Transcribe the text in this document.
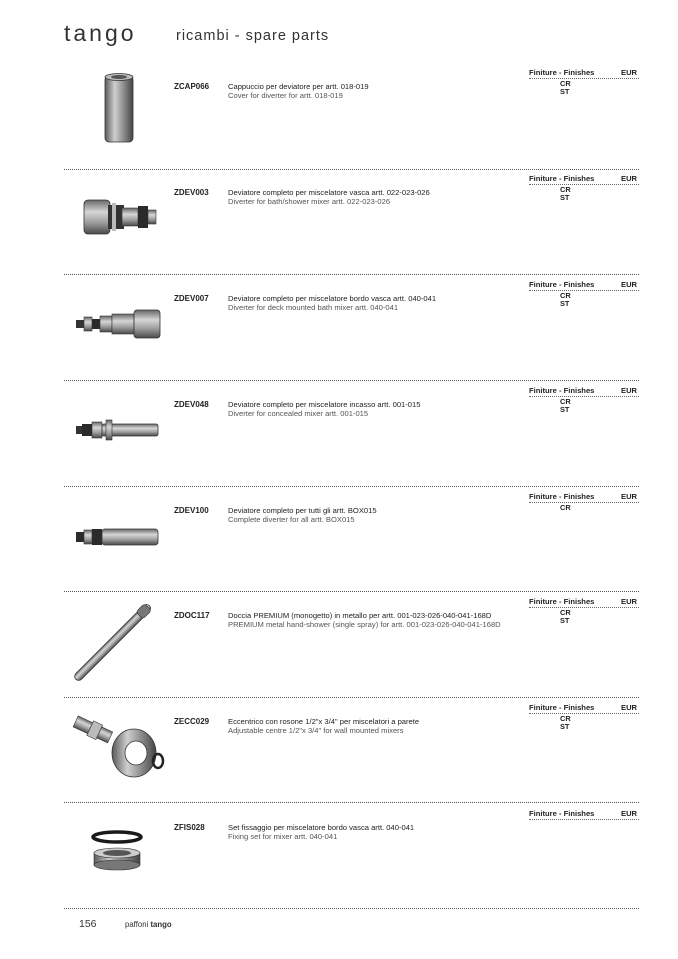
tango	ricambi - spare parts
ZCAP066 Cappuccio per deviatore per artt. 018-019
Cover for diverter for artt. 018-019
Finiture - Finishes	EUR
CR
ST
ZDEV003	Deviatore completo per miscelatore vasca artt. 022-023-026
Diverter for bath/shower mixer artt. 022-023-026
Finiture - Finishes	EUR
CR
ST
ZDEV007	Deviatore completo per miscelatore bordo vasca artt. 040-041
Diverter for deck mounted bath mixer artt. 040-041
Finiture - Finishes	EUR
CR
ST
ZDEV048	Deviatore completo per miscelatore incasso artt. 001-015
Diverter for concealed mixer artt. 001-015
Finiture - Finishes	EUR
CR
ST
ZDEV100	Deviatore completo per tutti gli artt. BOX015
Complete diverter for all artt. BOX015
Finiture - Finishes	EUR
CR
ZDOC117 Doccia PREMIUM (monogetto) in metallo per artt. 001-023-026-040-041-168D
PREMIUM metal hand-shower (single spray) for artt. 001-023-026-040-041-168D
Finiture - Finishes	EUR
CR
ST
ZECC029 Eccentrico con rosone 1/2"x 3/4" per miscelatori a parete
Adjustable centre 1/2"x 3/4" for wall mounted mixers
Finiture - Finishes	EUR
CR
ST
ZFIS028	Set fissaggio per miscelatore bordo vasca artt. 040-041
Fixing set for mixer artt. 040-041
Finiture - Finishes	EUR
156	paffoni tango
